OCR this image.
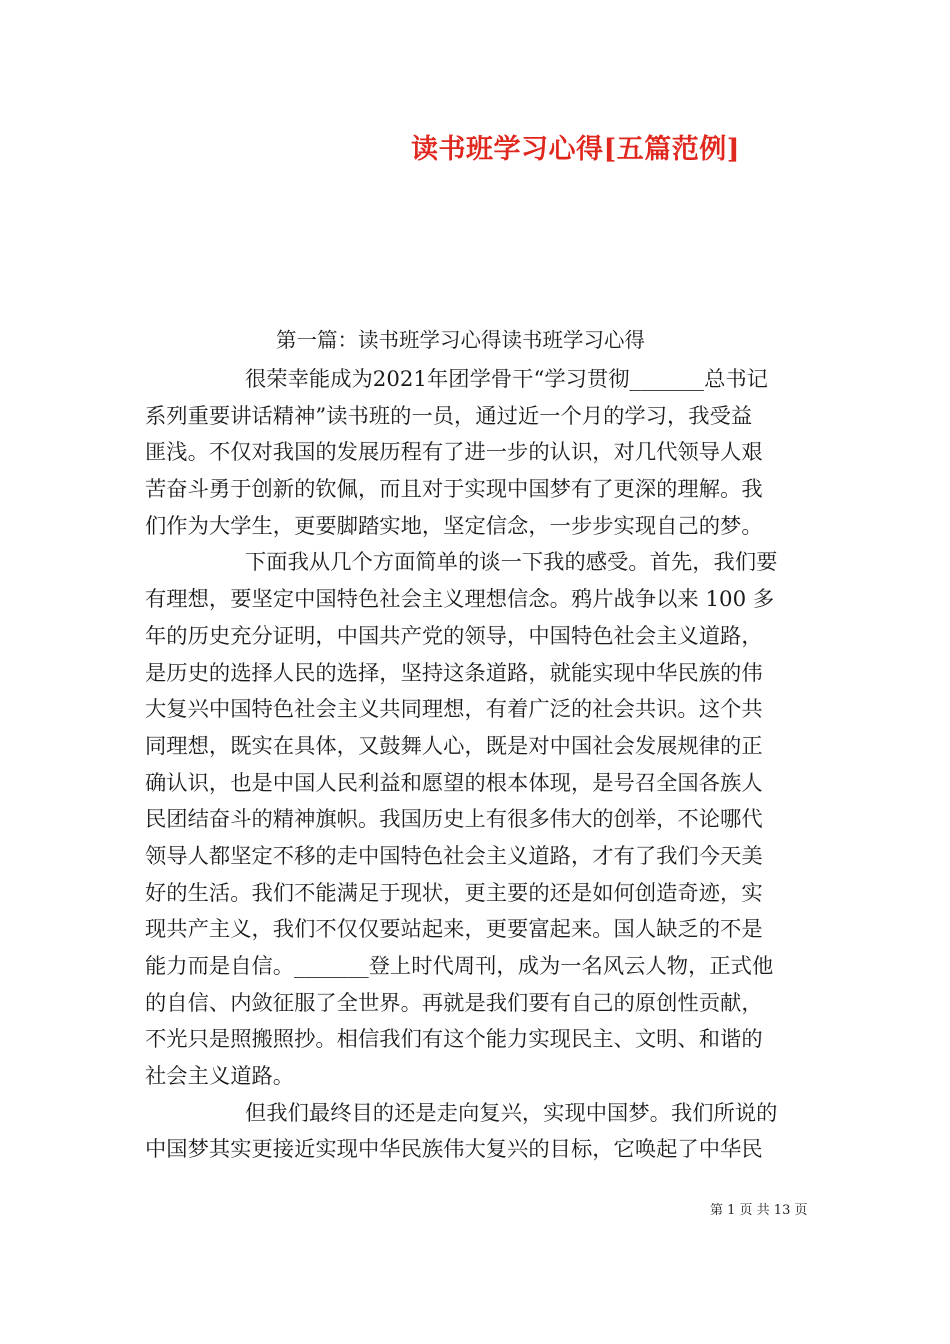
读书班学习心得[五篇范例]
第一篇：读书班学习心得读书班学习心得
很荣幸能成为2021年团学骨干“学习贯彻_______总书记
系列重要讲话精神”读书班的一员，通过近一个月的学习，我受益
匪浅。不仅对我国的发展历程有了进一步的认识，对几代领导人艰
苦奋斗勇于创新的钦佩，而且对于实现中国梦有了更深的理解。我
们作为大学生，更要脚踏实地，坚定信念，一步步实现自己的梦。
下面我从几个方面简单的谈一下我的感受。首先，我们要
有理想，要坚定中国特色社会主义理想信念。鸦片战争以来 100 多
年的历史充分证明，中国共产党的领导，中国特色社会主义道路，
是历史的选择人民的选择，坚持这条道路，就能实现中华民族的伟
大复兴中国特色社会主义共同理想，有着广泛的社会共识。这个共
同理想，既实在具体，又鼓舞人心，既是对中国社会发展规律的正
确认识，也是中国人民利益和愿望的根本体现，是号召全国各族人
民团结奋斗的精神旗帜。我国历史上有很多伟大的创举，不论哪代
领导人都坚定不移的走中国特色社会主义道路，才有了我们今天美
好的生活。我们不能满足于现状，更主要的还是如何创造奇迹，实
现共产主义，我们不仅仅要站起来，更要富起来。国人缺乏的不是
能力而是自信。_______登上时代周刊，成为一名风云人物，正式他
的自信、内敛征服了全世界。再就是我们要有自己的原创性贡献，
不光只是照搬照抄。相信我们有这个能力实现民主、文明、和谐的
社会主义道路。
但我们最终目的还是走向复兴，实现中国梦。我们所说的
中国梦其实更接近实现中华民族伟大复兴的目标，它唤起了中华民
第 1 页 共 13 页
